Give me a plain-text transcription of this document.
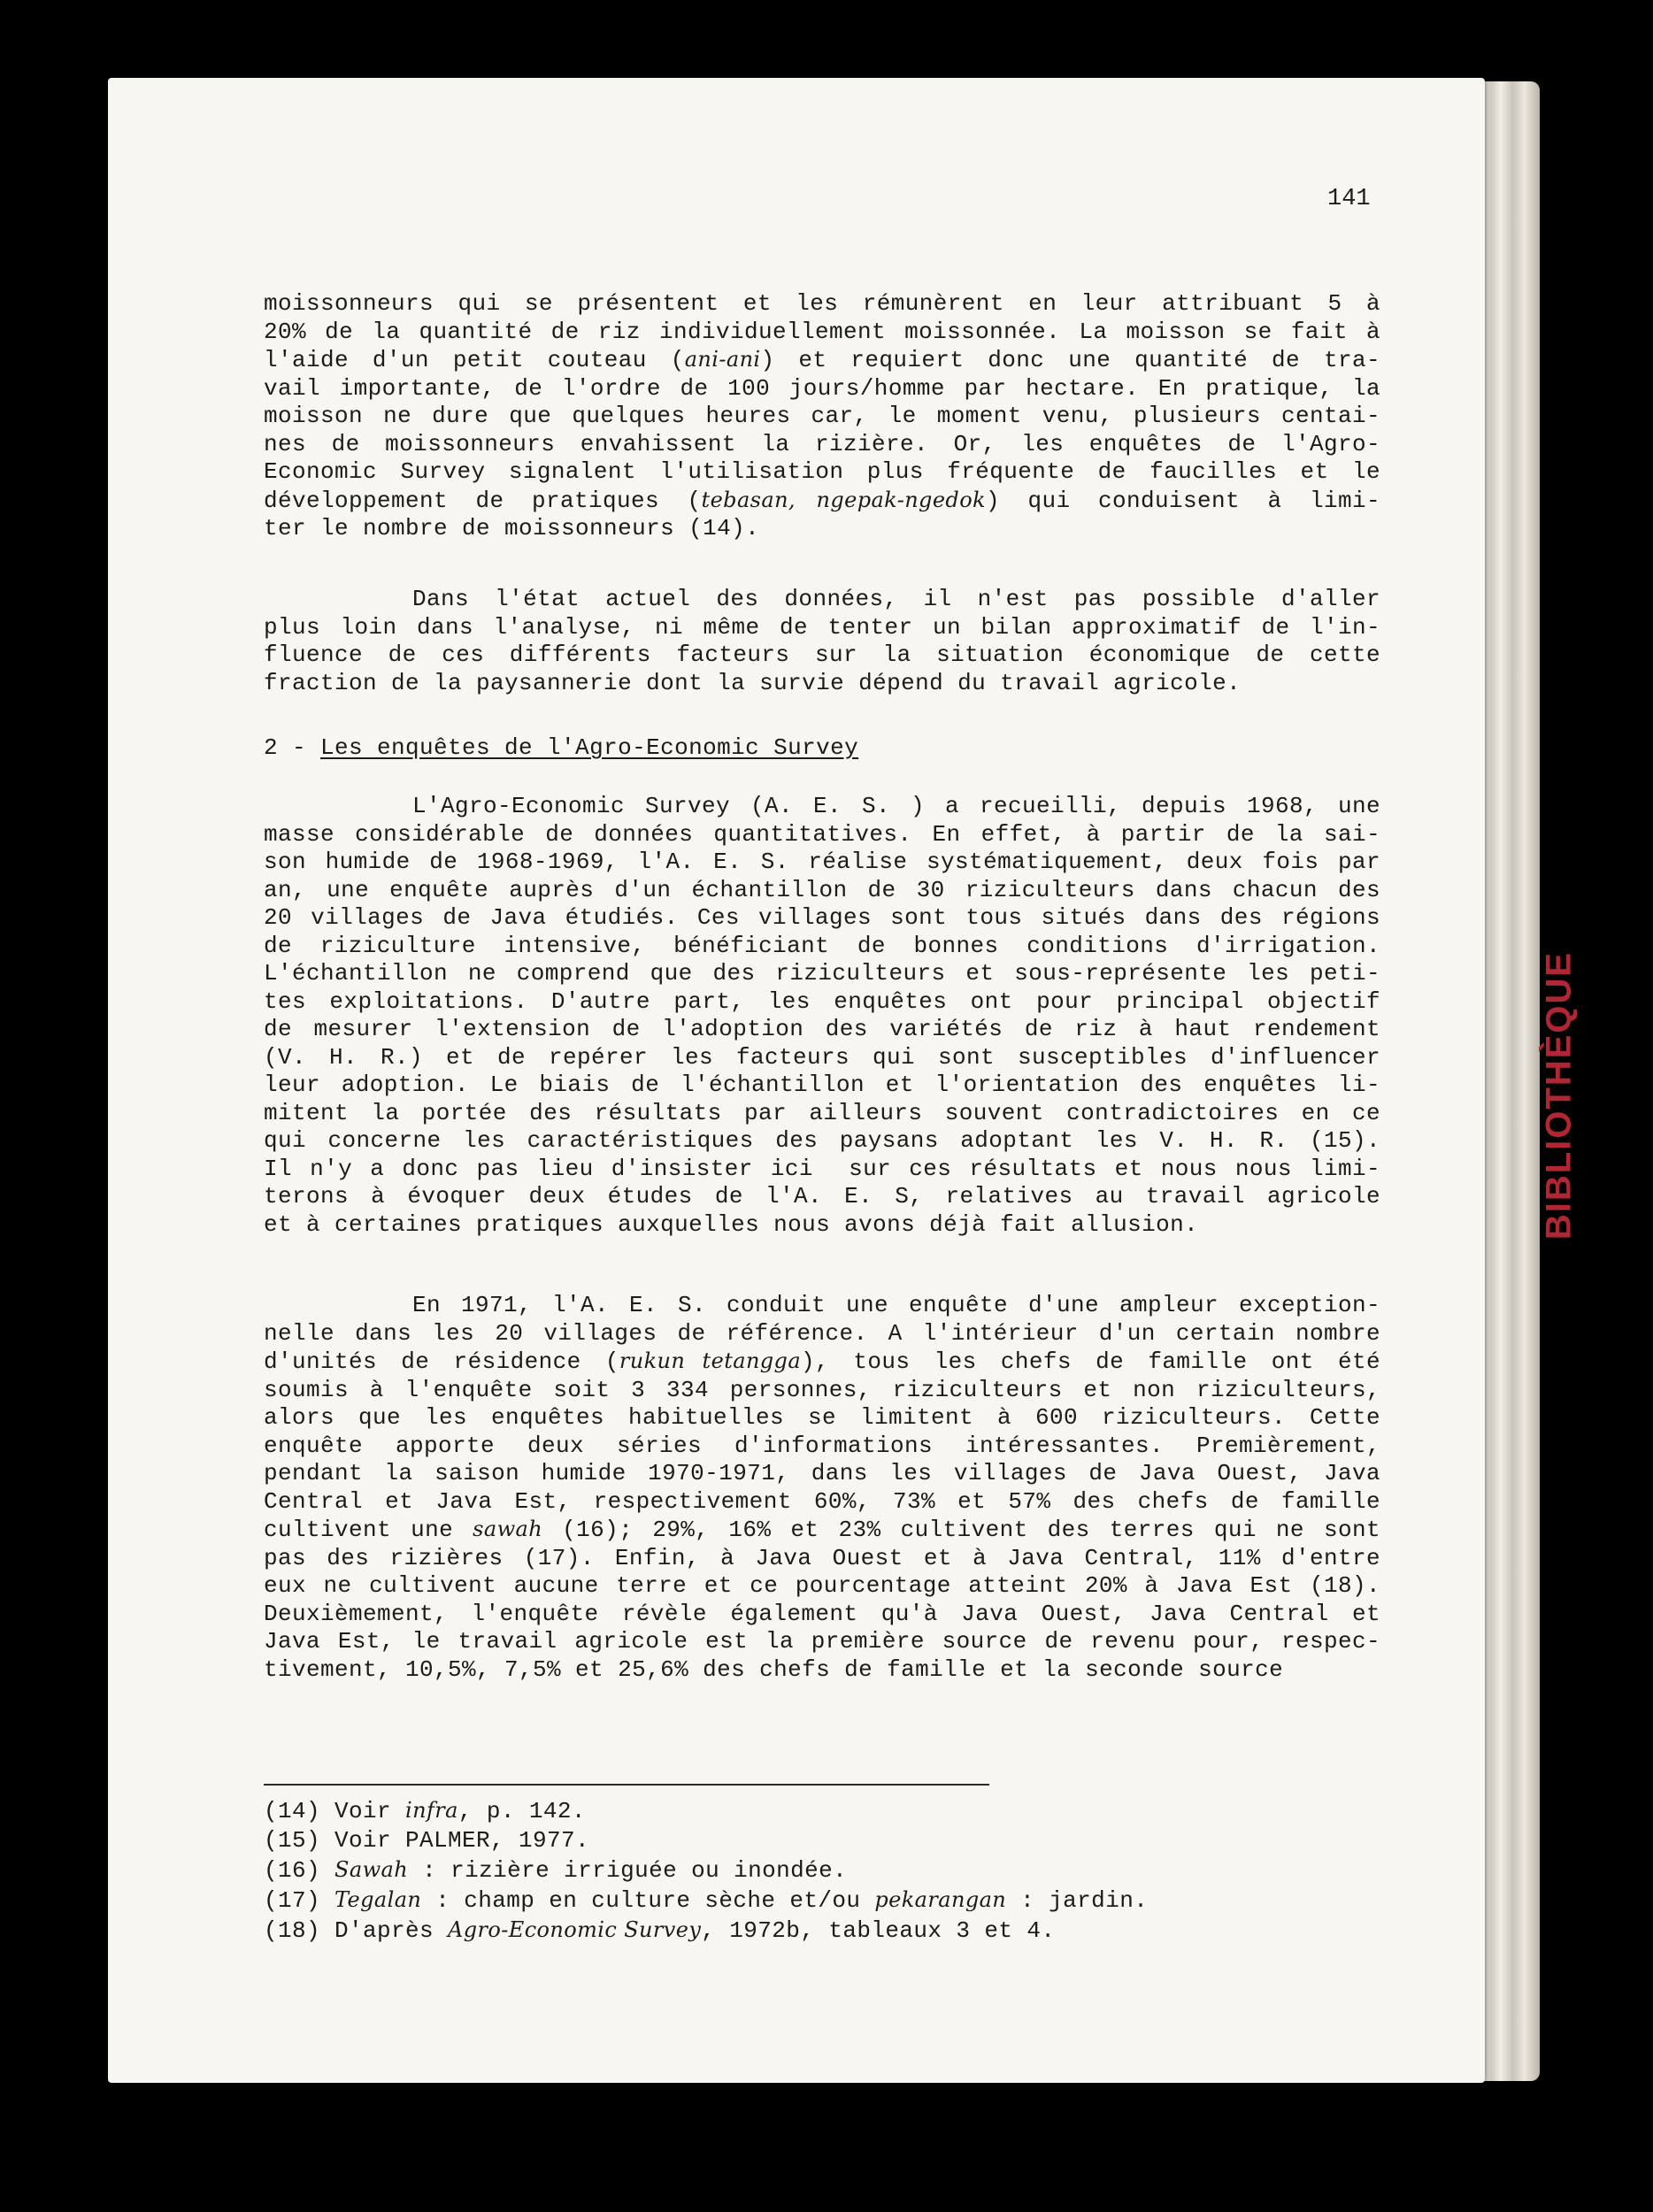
BIBLIOTHÈQUE
141
moissonneurs qui se présentent et les rémunèrent en leur attribuant 5 à
20% de la quantité de riz individuellement moissonnée. La moisson se fait à
l'aide d'un petit couteau (ani-ani) et requiert donc une quantité de tra-
vail importante, de l'ordre de 100 jours/homme par hectare. En pratique, la
moisson ne dure que quelques heures car, le moment venu, plusieurs centai-
nes de moissonneurs envahissent la rizière. Or, les enquêtes de l'Agro-
Economic Survey signalent l'utilisation plus fréquente de faucilles et le
développement de pratiques (tebasan, ngepak-ngedok) qui conduisent à limi-
ter le nombre de moissonneurs (14).
Dans l'état actuel des données, il n'est pas possible d'aller
plus loin dans l'analyse, ni même de tenter un bilan approximatif de l'in-
fluence de ces différents facteurs sur la situation économique de cette
fraction de la paysannerie dont la survie dépend du travail agricole.
2 - Les enquêtes de l'Agro-Economic Survey
L'Agro-Economic Survey (A. E. S. ) a recueilli, depuis 1968, une
masse considérable de données quantitatives. En effet, à partir de la sai-
son humide de 1968-1969, l'A. E. S. réalise systématiquement, deux fois par
an, une enquête auprès d'un échantillon de 30 riziculteurs dans chacun des
20 villages de Java étudiés. Ces villages sont tous situés dans des régions
de riziculture intensive, bénéficiant de bonnes conditions d'irrigation.
L'échantillon ne comprend que des riziculteurs et sous-représente les peti-
tes exploitations. D'autre part, les enquêtes ont pour principal objectif
de mesurer l'extension de l'adoption des variétés de riz à haut rendement
(V. H. R.) et de repérer les facteurs qui sont susceptibles d'influencer
leur adoption. Le biais de l'échantillon et l'orientation des enquêtes li-
mitent la portée des résultats par ailleurs souvent contradictoires en ce
qui concerne les caractéristiques des paysans adoptant les V. H. R. (15).
Il n'y a donc pas lieu d'insister ici  sur ces résultats et nous nous limi-
terons à évoquer deux études de l'A. E. S, relatives au travail agricole
et à certaines pratiques auxquelles nous avons déjà fait allusion.
En 1971, l'A. E. S. conduit une enquête d'une ampleur exception-
nelle dans les 20 villages de référence. A l'intérieur d'un certain nombre
d'unités de résidence (rukun tetangga), tous les chefs de famille ont été
soumis à l'enquête soit 3 334 personnes, riziculteurs et non riziculteurs,
alors que les enquêtes habituelles se limitent à 600 riziculteurs. Cette
enquête apporte deux séries d'informations intéressantes. Premièrement,
pendant la saison humide 1970-1971, dans les villages de Java Ouest, Java
Central et Java Est, respectivement 60%, 73% et 57% des chefs de famille
cultivent une sawah (16); 29%, 16% et 23% cultivent des terres qui ne sont
pas des rizières (17). Enfin, à Java Ouest et à Java Central, 11% d'entre
eux ne cultivent aucune terre et ce pourcentage atteint 20% à Java Est (18).
Deuxièmement, l'enquête révèle également qu'à Java Ouest, Java Central et
Java Est, le travail agricole est la première source de revenu pour, respec-
tivement, 10,5%, 7,5% et 25,6% des chefs de famille et la seconde source
(14) Voir infra, p. 142.
(15) Voir PALMER, 1977.
(16) Sawah : rizière irriguée ou inondée.
(17) Tegalan : champ en culture sèche et/ou pekarangan : jardin.
(18) D'après Agro-Economic Survey, 1972b, tableaux 3 et 4.
